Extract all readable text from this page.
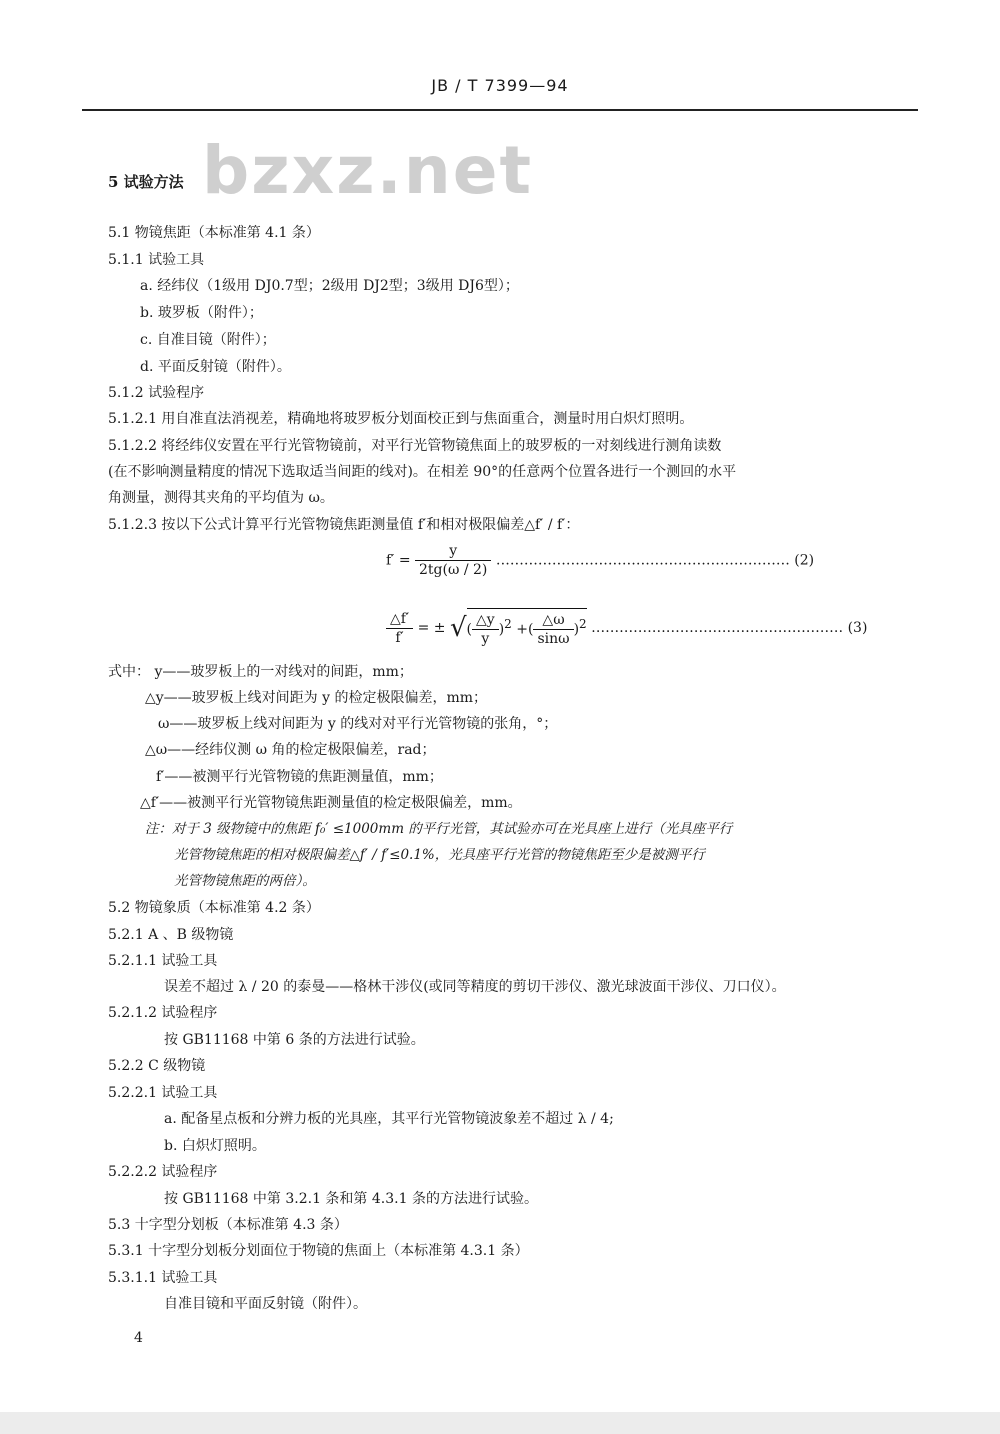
JB / T 7399—94
bzxz.net
5 试验方法
5.1 物镜焦距（本标准第 4.1 条）
5.1.1 试验工具
a. 经纬仪（1级用 DJ0.7型；2级用 DJ2型；3级用 DJ6型）；
b. 玻罗板（附件）；
c. 自准目镜（附件）；
d. 平面反射镜（附件）。
5.1.2 试验程序
5.1.2.1 用自准直法消视差，精确地将玻罗板分划面校正到与焦面重合，测量时用白炽灯照明。
5.1.2.2 将经纬仪安置在平行光管物镜前，对平行光管物镜焦面上的玻罗板的一对刻线进行测角读数
(在不影响测量精度的情况下选取适当间距的线对)。在相差 90°的任意两个位置各进行一个测回的水平
角测量，测得其夹角的平均值为 ω。
5.1.2.3 按以下公式计算平行光管物镜焦距测量值 f′和相对极限偏差△f′ / f′：
$f' = \frac{y}{2tg(\omega / 2)}$ ……………………………………………………… (2)
$\frac{\triangle f'}{f'}$ = ± √( $\frac{\triangle y}{y} )^2$ +( $\frac{\triangle\omega}{\sin\omega} )^2$ ……………………………………………… (3)
式中： y——玻罗板上的一对线对的间距，mm；
△y——玻罗板上线对间距为 y 的检定极限偏差，mm；
ω——玻罗板上线对间距为 y 的线对对平行光管物镜的张角，°；
△ω——经纬仪测 ω 角的检定极限偏差，rad；
f′——被测平行光管物镜的焦距测量值，mm；
△f′——被测平行光管物镜焦距测量值的检定极限偏差，mm。
注：对于 3 级物镜中的焦距 f₀′ ≤1000mm 的平行光管，其试验亦可在光具座上进行（光具座平行
光管物镜焦距的相对极限偏差△f′ / f′≤0.1%，光具座平行光管的物镜焦距至少是被测平行
光管物镜焦距的两倍）。
5.2 物镜象质（本标准第 4.2 条）
5.2.1 A 、B 级物镜
5.2.1.1 试验工具
误差不超过 λ / 20 的泰曼——格林干涉仪(或同等精度的剪切干涉仪、激光球波面干涉仪、刀口仪）。
5.2.1.2 试验程序
按 GB11168 中第 6 条的方法进行试验。
5.2.2 C 级物镜
5.2.2.1 试验工具
a. 配备星点板和分辨力板的光具座，其平行光管物镜波象差不超过 λ / 4;
b. 白炽灯照明。
5.2.2.2 试验程序
按 GB11168 中第 3.2.1 条和第 4.3.1 条的方法进行试验。
5.3 十字型分划板（本标准第 4.3 条）
5.3.1 十字型分划板分划面位于物镜的焦面上（本标准第 4.3.1 条）
5.3.1.1 试验工具
自准目镜和平面反射镜（附件）。
4
